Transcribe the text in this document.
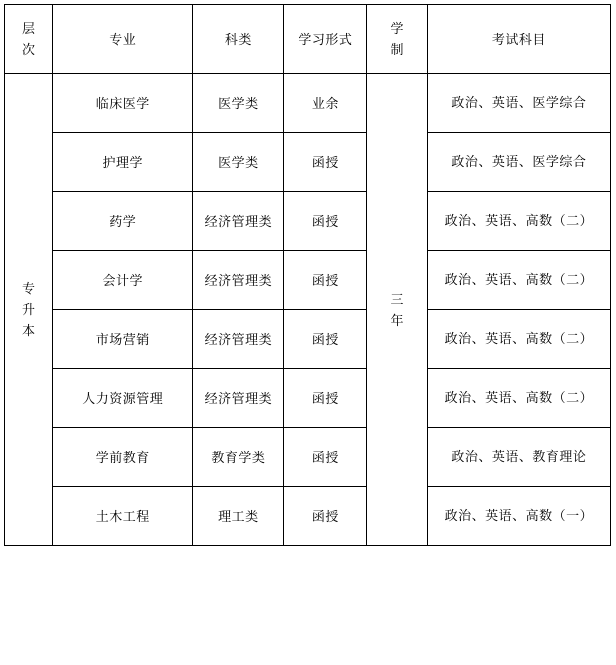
层次	专业	科类	学习形式	学制	考试科目
专升本	临床医学	医学类	业余	三年	政治、英语、医学综合

	护理学	医学类	函授		政治、英语、医学综合

	药学	经济管理类	函授		政治、英语、高数（二）

	会计学	经济管理类	函授		政治、英语、高数（二）

	市场营销	经济管理类	函授		政治、英语、高数（二）

	人力资源管理	经济管理类	函授		政治、英语、高数（二）

	学前教育	教育学类	函授		政治、英语、教育理论

	土木工程	理工类	函授		政治、英语、高数（一）
